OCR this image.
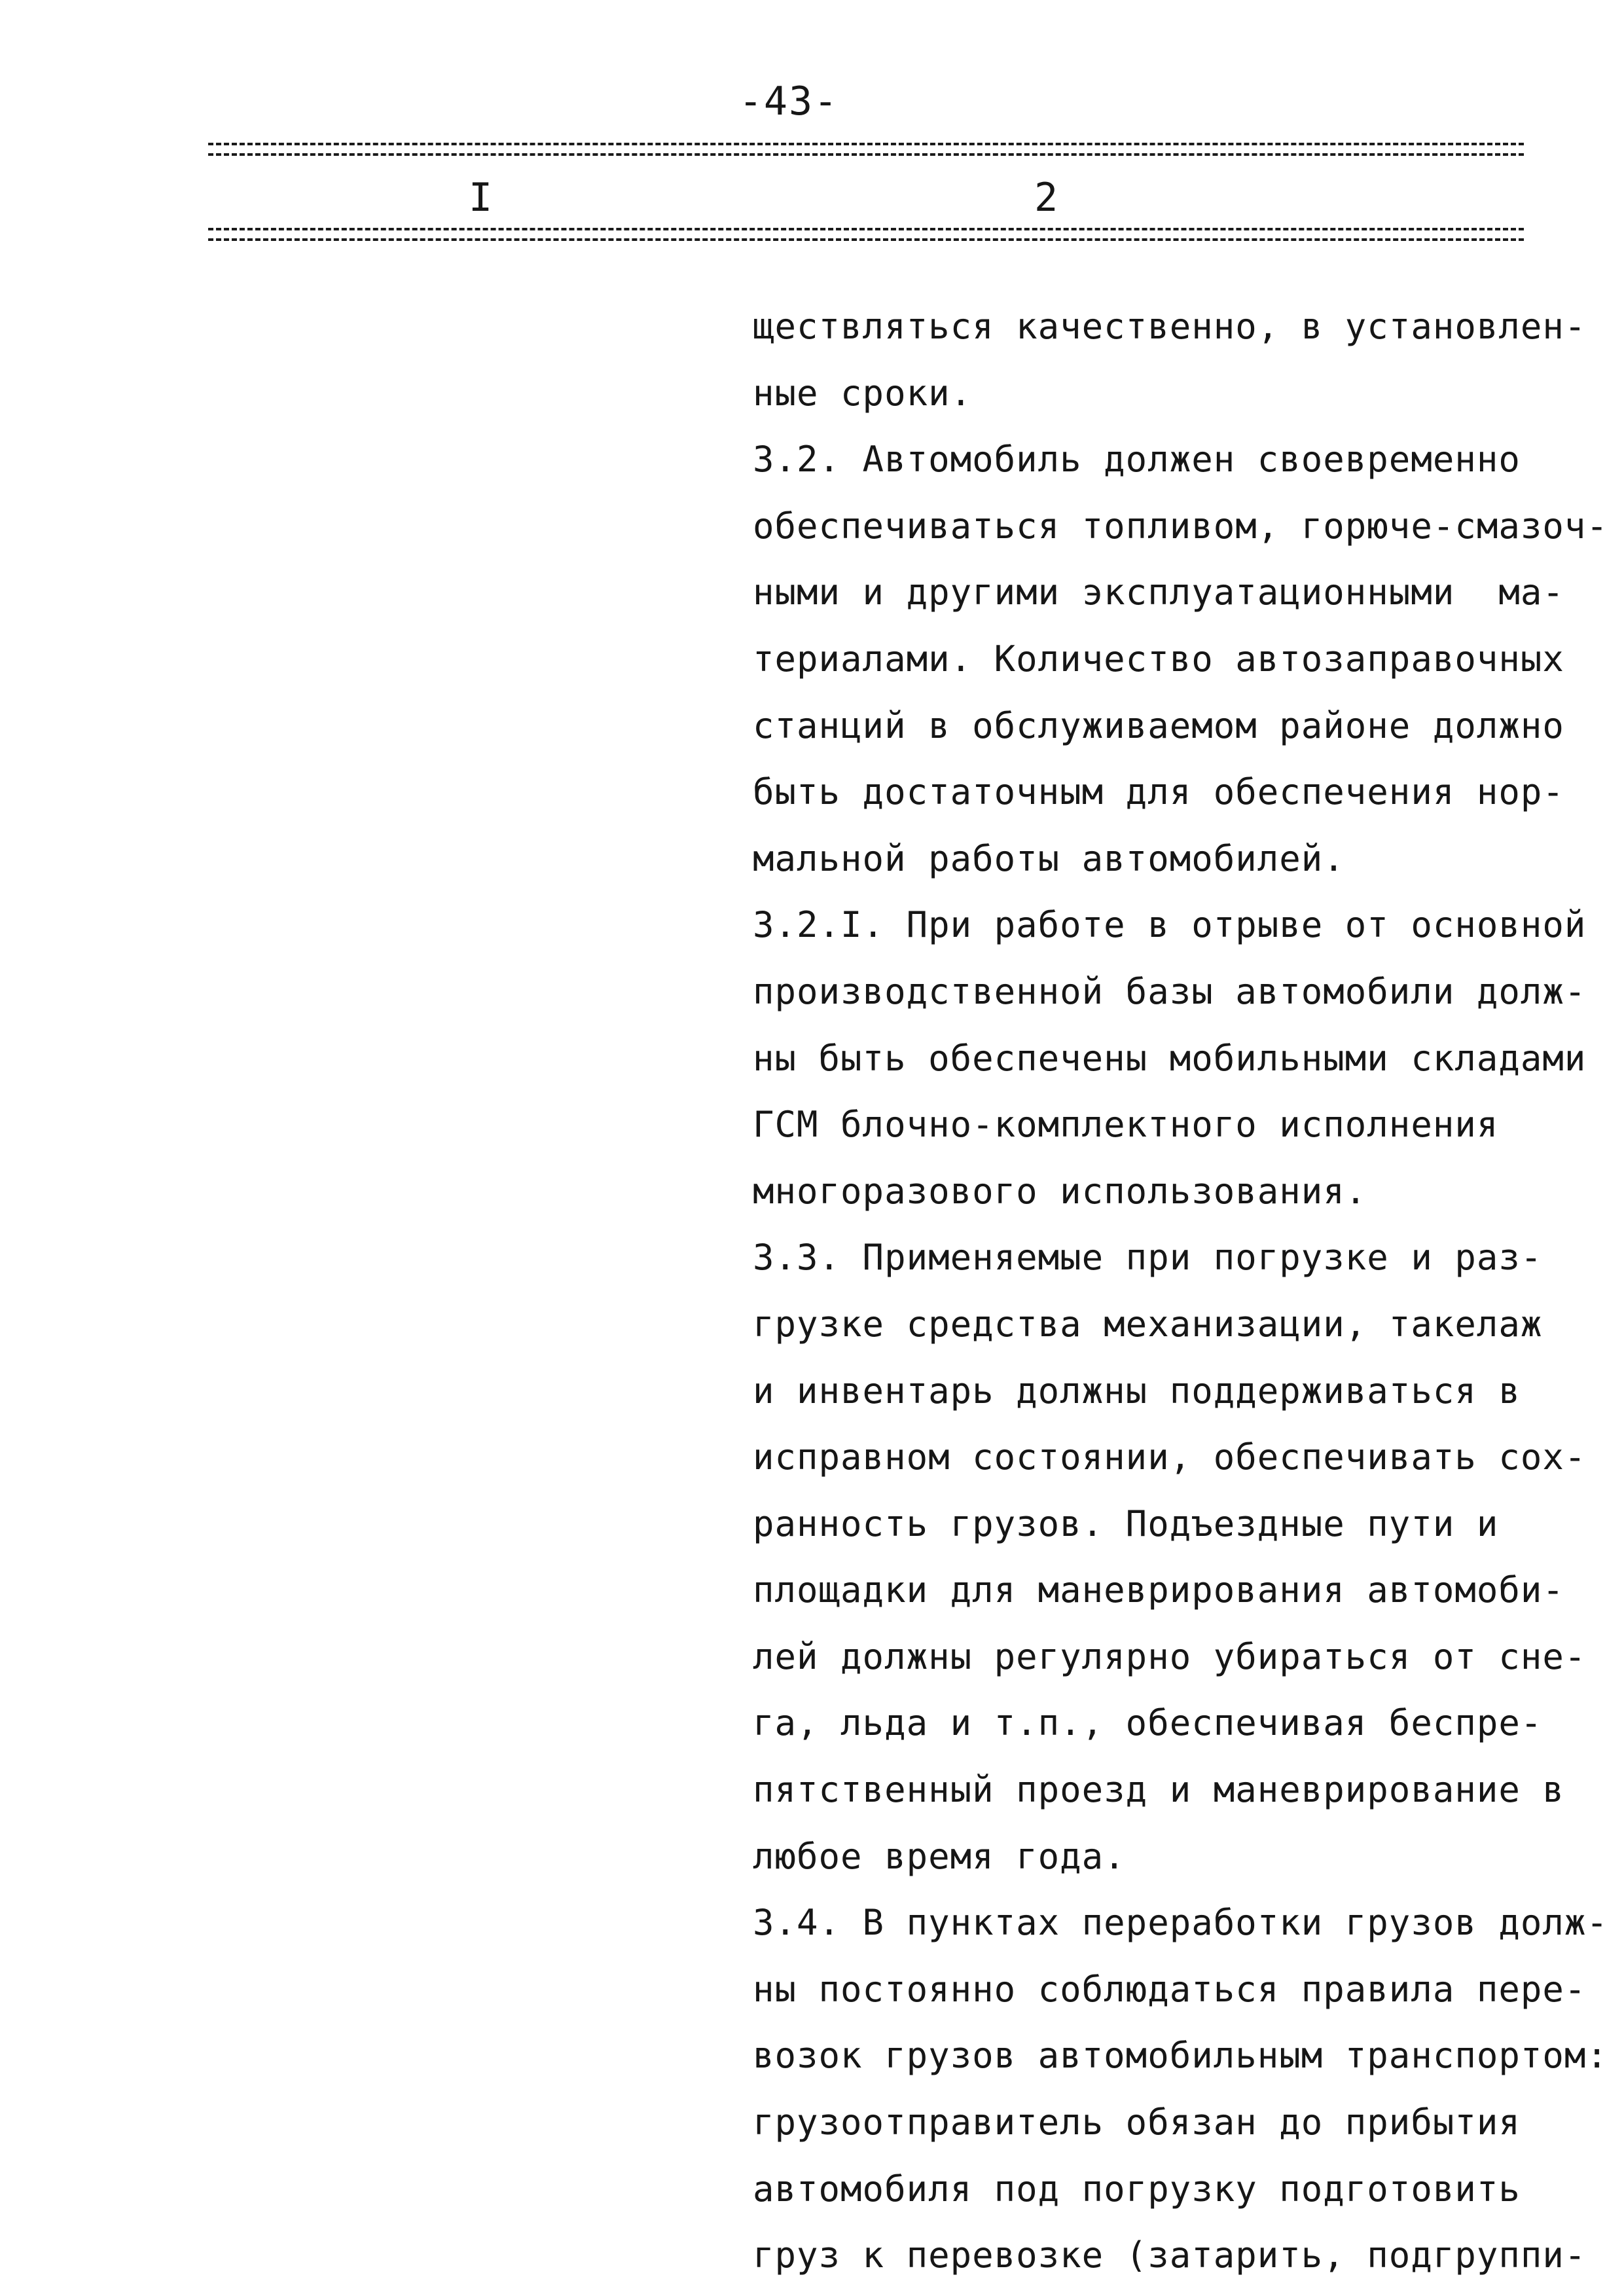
-43-
I	2
ществляться качественно, в установлен-
ные сроки.
3.2. Автомобиль должен своевременно
обеспечиваться топливом, горюче-смазоч-
ными и другими эксплуатационными  ма-
териалами. Количество автозаправочных
станций в обслуживаемом районе должно
быть достаточным для обеспечения нор-
мальной работы автомобилей.
3.2.I. При работе в отрыве от основной
производственной базы автомобили долж-
ны быть обеспечены мобильными складами
ГСМ блочно-комплектного исполнения
многоразового использования.
3.3. Применяемые при погрузке и раз-
грузке средства механизации, такелаж
и инвентарь должны поддерживаться в
исправном состоянии, обеспечивать сох-
ранность грузов. Подъездные пути и
площадки для маневрирования автомоби-
лей должны регулярно убираться от сне-
га, льда и т.п., обеспечивая беспре-
пятственный проезд и маневрирование в
любое время года.
3.4. В пунктах переработки грузов долж-
ны постоянно соблюдаться правила пере-
возок грузов автомобильным транспортом:
грузоотправитель обязан до прибытия
автомобиля под погрузку подготовить
груз к перевозке (затарить, подгруппи-
